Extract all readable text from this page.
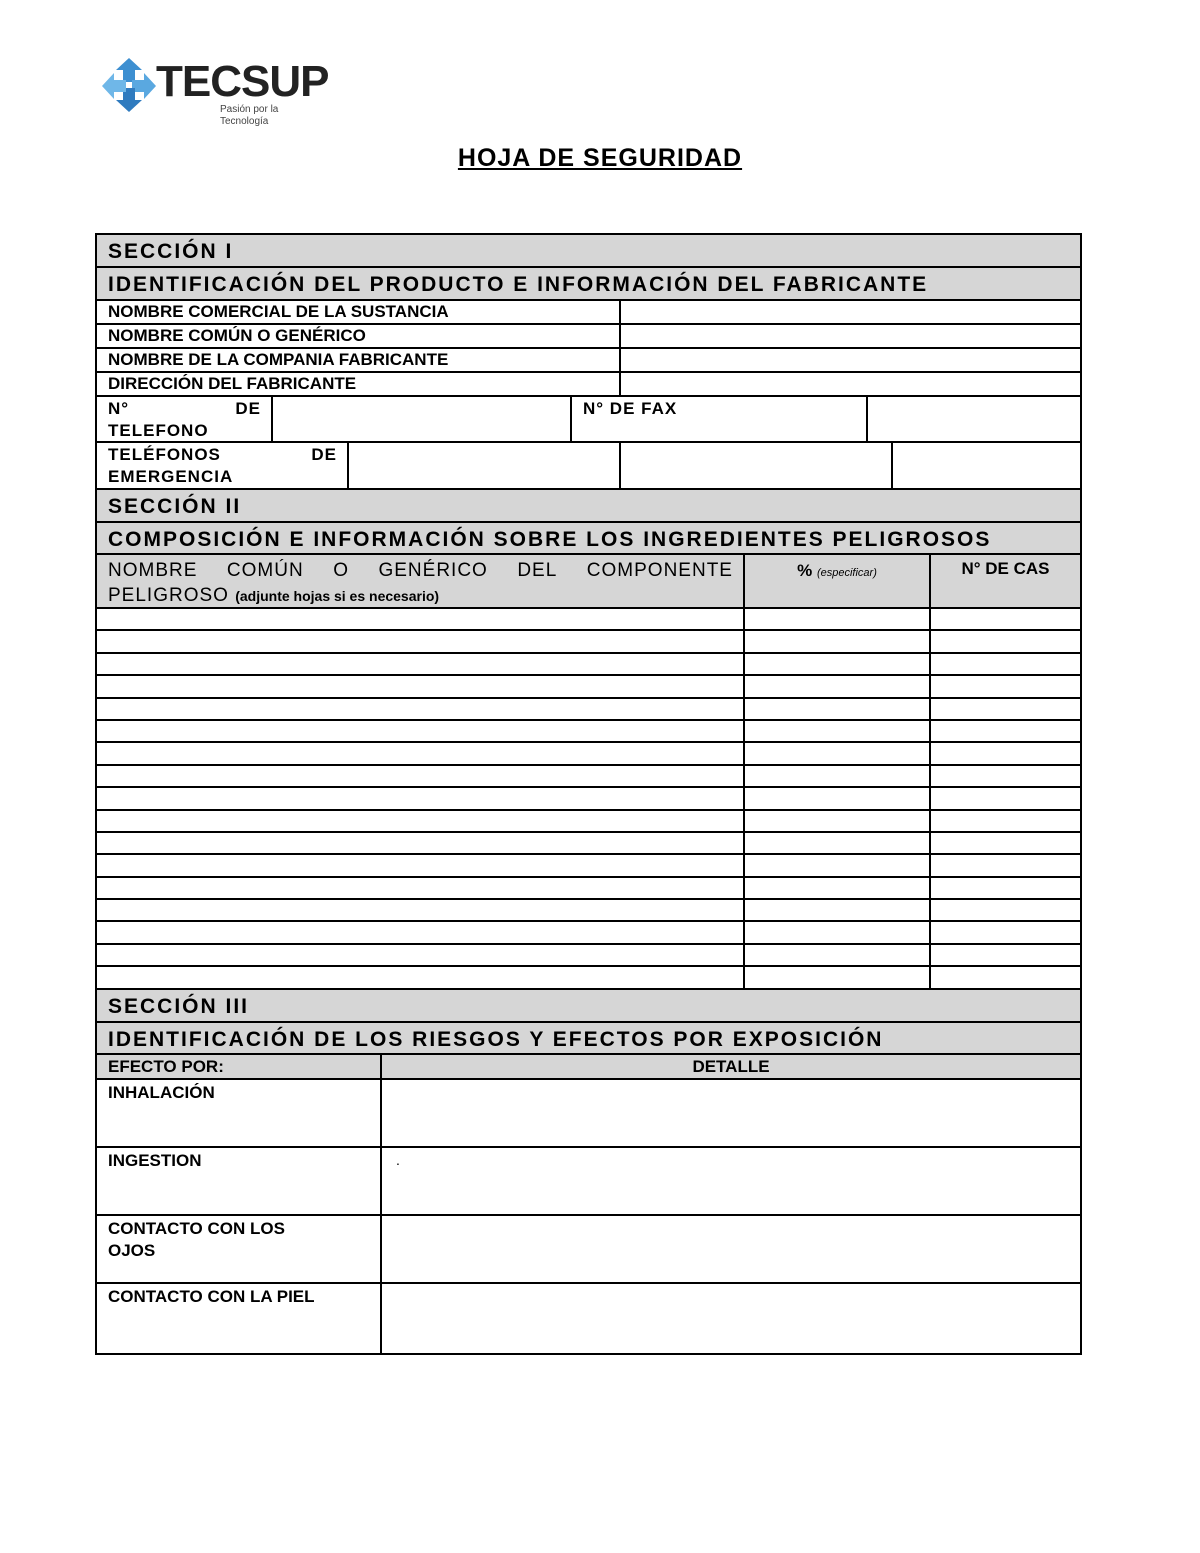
TECSUP
Pasión por la Tecnología
HOJA DE SEGURIDAD
SECCIÓN I
IDENTIFICACIÓN DEL PRODUCTO E INFORMACIÓN DEL FABRICANTE
NOMBRE COMERCIAL DE LA SUSTANCIA
NOMBRE COMÚN O GENÉRICO
NOMBRE DE LA COMPANIA FABRICANTE
DIRECCIÓN DEL FABRICANTE
N°	DE
TELEFONO
N° DE FAX
TELÉFONOS	DE
EMERGENCIA
SECCIÓN II
COMPOSICIÓN E INFORMACIÓN SOBRE LOS INGREDIENTES PELIGROSOS
NOMBRE COMÚN O GENÉRICO DEL COMPONENTE
PELIGROSO (adjunte hojas si es necesario)
% (especificar)	N° DE CAS
SECCIÓN III
IDENTIFICACIÓN DE LOS RIESGOS Y EFECTOS POR EXPOSICIÓN
EFECTO POR:	DETALLE
INHALACIÓN
INGESTION	.
CONTACTO CON LOS OJOS
CONTACTO CON LA PIEL
